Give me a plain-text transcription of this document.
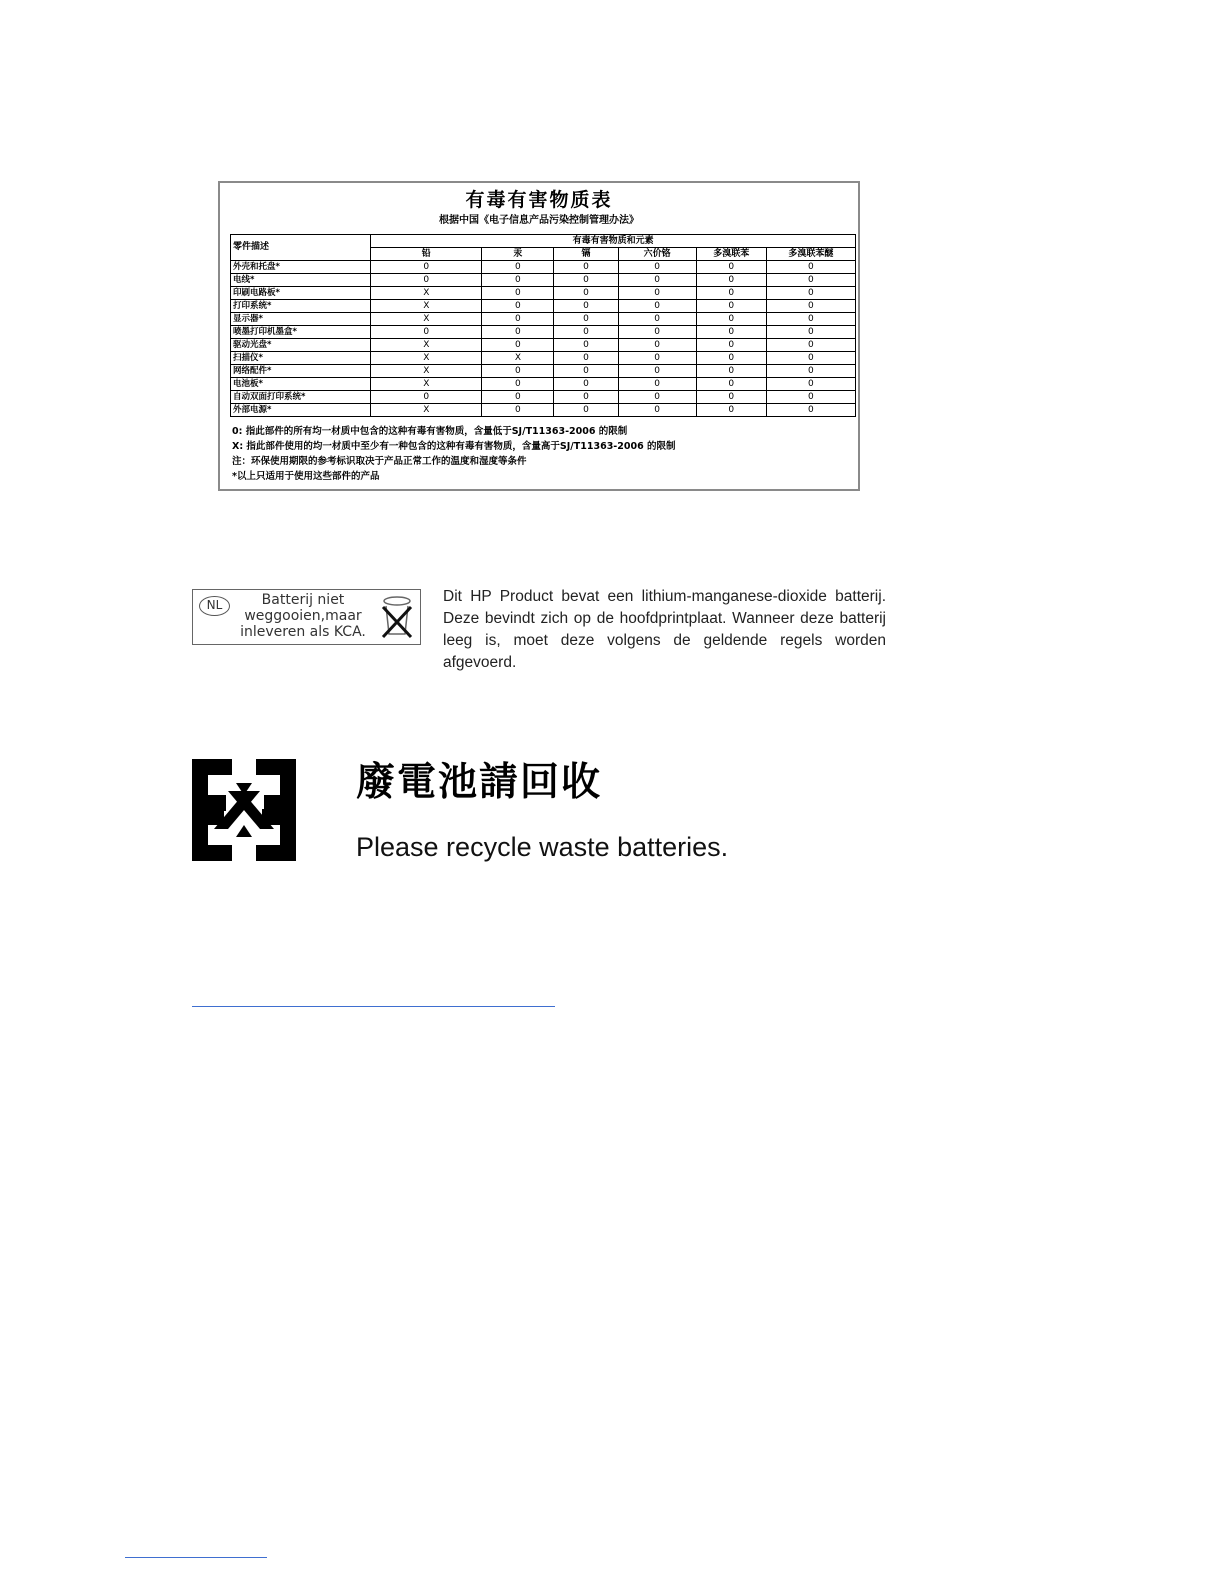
有毒有害物质表
根据中国《电子信息产品污染控制管理办法》
零件描述	有毒有害物质和元素					
	铅	汞	镉	六价铬	多溴联苯	多溴联苯醚
外壳和托盘*	0	0	0	0	0	0
电线*	0	0	0	0	0	0
印刷电路板*	X	0	0	0	0	0
打印系统*	X	0	0	0	0	0
显示器*	X	0	0	0	0	0
喷墨打印机墨盒*	0	0	0	0	0	0
驱动光盘*	X	0	0	0	0	0
扫描仪*	X	X	0	0	0	0
网络配件*	X	0	0	0	0	0
电池板*	X	0	0	0	0	0
自动双面打印系统*	0	0	0	0	0	0
外部电源*	X	0	0	0	0	0
0: 指此部件的所有均一材质中包含的这种有毒有害物质，含量低于SJ/T11363-2006 的限制
X: 指此部件使用的均一材质中至少有一种包含的这种有毒有害物质，含量高于SJ/T11363-2006 的限制
注：环保使用期限的参考标识取决于产品正常工作的温度和湿度等条件
*以上只适用于使用这些部件的产品
NL	Batterij niet
weggooien,maar
inleveren als KCA.
Dit HP Product bevat een lithium-manganese-dioxide batterij. Deze bevindt zich op de hoofdprintplaat. Wanneer deze batterij leeg is, moet deze volgens de geldende regels worden afgevoerd.
廢電池請回收
Please recycle waste batteries.
